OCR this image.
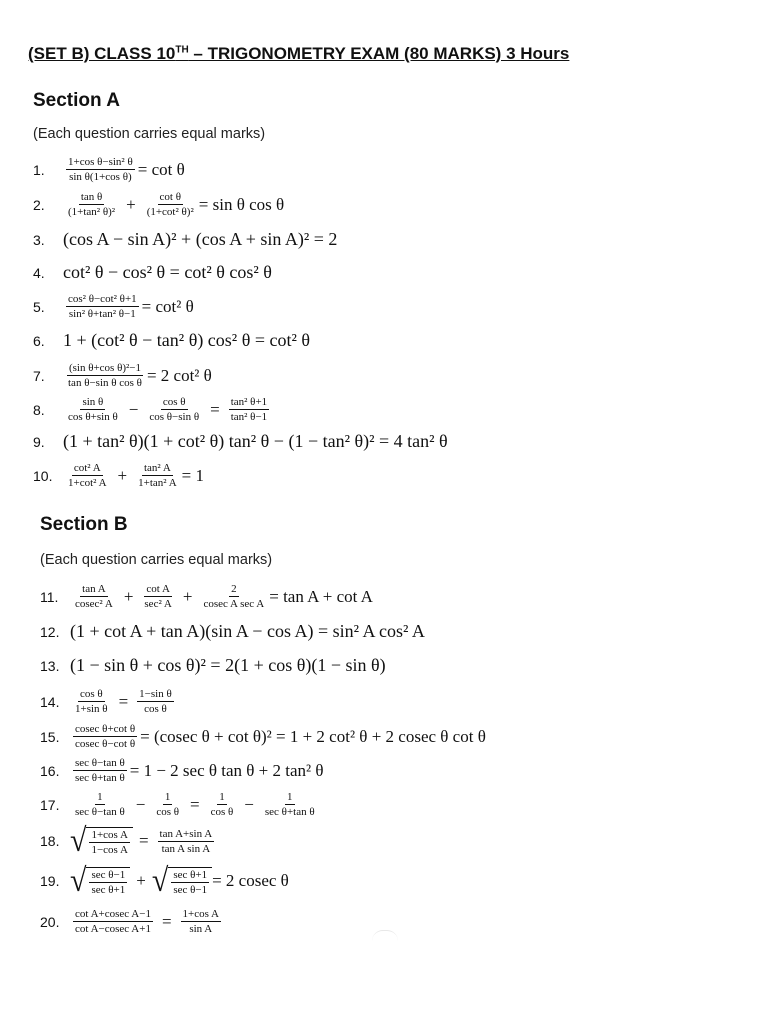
(SET B) CLASS 10TH – TRIGONOMETRY EXAM (80 MARKS) 3 Hours
Section A
(Each question carries equal marks)
1.	$\frac{\text{1+cos θ−sin² θ}}{\text{sin θ(1+cos θ)}} = \cot \theta$
2.	$\frac{\text{tan θ}}{\text{(1+tan² θ)²}} + \frac{\text{cot θ}}{\text{(1+cot² θ)²}} = \sin \theta$ cos θ
3.	(cos A − sin A)² + (cos A + sin A)² = 2
4.	cot² θ − cos² θ = cot² θ cos² θ
5.	$\frac{\text{cos² θ−cot² θ+1}}{\text{sin² θ+tan² θ−1}} = \cot^2$ θ
6.	1 + (cot² θ − tan² θ) cos² θ = cot² θ
7.	$\frac{\text{(sin θ+cos θ)²−1}}{\text{tan θ−sin θ cos θ}} = 2$ cot² θ
8.	$\frac{\text{sin θ}}{\text{cos θ+sin θ}} - \frac{\text{cos θ}}{\text{cos θ−sin θ}} = \frac{\text{tan² θ+1}}{\text{tan² θ−1}}$
9.	(1 + tan² θ)(1 + cot² θ) tan² θ − (1 − tan² θ)² = 4 tan² θ
10.	$\frac{\text{cot² A}}{\text{1+cot² A}} + \frac{\text{tan² A}}{\text{1+tan² A}} = 1$
Section B
(Each question carries equal marks)
11.	$\frac{\text{tan A}}{\text{cosec² A}} + \frac{\text{cot A}}{\text{sec² A}} + \frac{2}{\text{cosec A sec A}} = \tan A + \cot A$
12. (1 + cot A + tan A)(sin A − cos A) = sin² A cos² A
13. (1 − sin θ + cos θ)² = 2(1 + cos θ)(1 − sin θ)
14.	$\frac{\text{cos θ}}{\text{1+sin θ}} = \frac{\text{1−sin θ}}{\text{cos θ}}$
15.	$\frac{\text{cosec θ+cot θ}}{\text{cosec θ−cot θ}} = (cosec$ θ + cot θ)² = 1 + 2 cot² θ + 2 cosec θ cot θ
16.	$\frac{\text{sec θ−tan θ}}{\text{sec θ+tan θ}} = 1 - 2$ sec θ tan θ + 2 tan² θ
17.	$\frac{1}{\text{sec θ−tan θ}} - \frac{1}{\text{cos θ}} = \frac{1}{\text{cos θ}} - \frac{1}{\text{sec θ+tan θ}}$
18. √ $\frac{\text{1+cos A}}{\text{1−cos A}} = \frac{\text{tan A+sin A}}{\text{tan A sin A}}$
19. √ $\frac{\text{sec θ−1}}{\text{sec θ+1}}$ + √ $\frac{\text{sec θ+1}}{\text{sec θ−1}} = 2$ cosec θ
20.	$\frac{\text{cot A+cosec A−1}}{\text{cot A−cosec A+1}} = \frac{\text{1+cos A}}{\text{sin A}}$
